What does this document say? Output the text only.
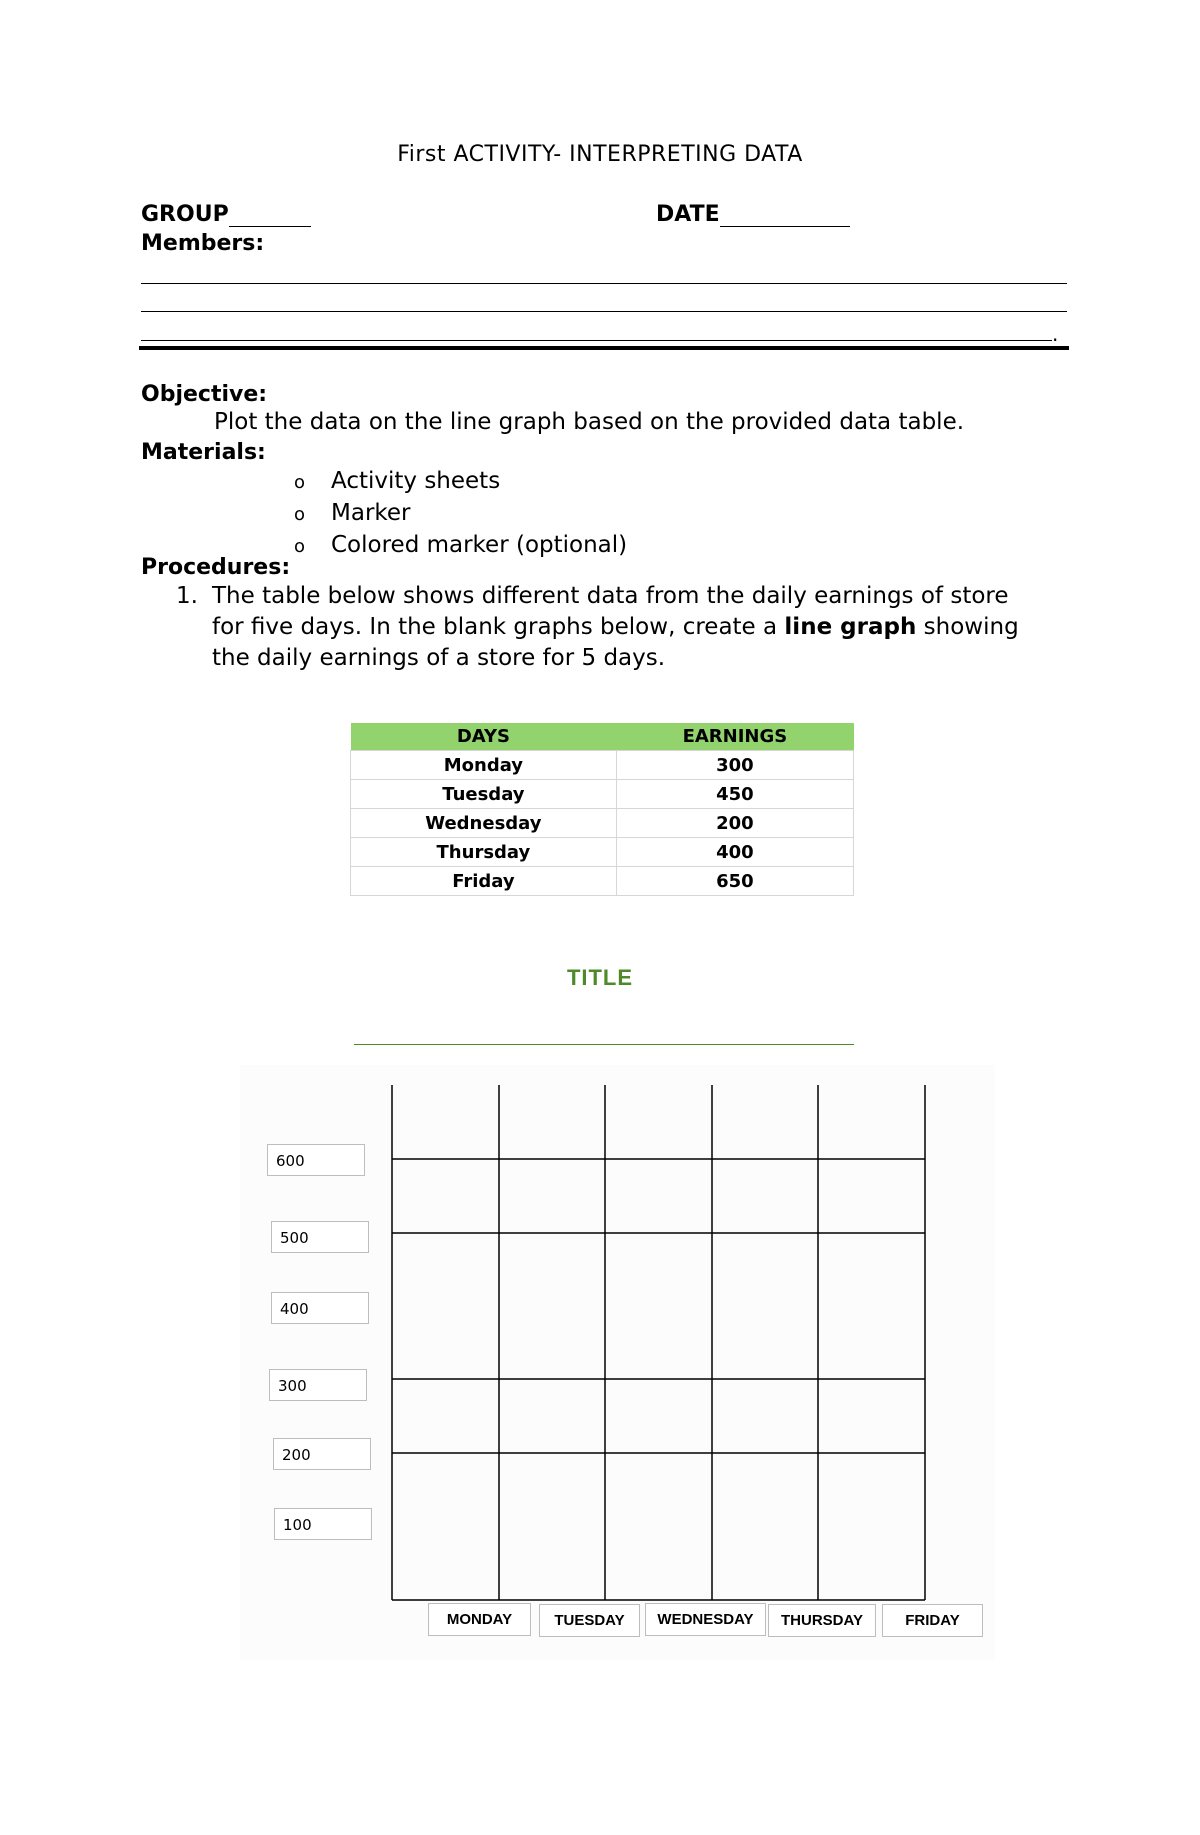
First ACTIVITY- INTERPRETING DATA
GROUP	DATE
Members:
.
Objective:
Plot the data on the line graph based on the provided data table.
Materials:
o Activity sheets
o Marker
o Colored marker (optional)
Procedures:
1. The table below shows different data from the daily earnings of store for five days. In the blank graphs below, create a line graph showing the daily earnings of a store for 5 days.
DAYS	EARNINGS
Monday	300
Tuesday	450
Wednesday	200
Thursday	400
Friday	650
TITLE
600
500
400
300
200
100
MONDAY	TUESDAY	WEDNESDAY	THURSDAY	FRIDAY
